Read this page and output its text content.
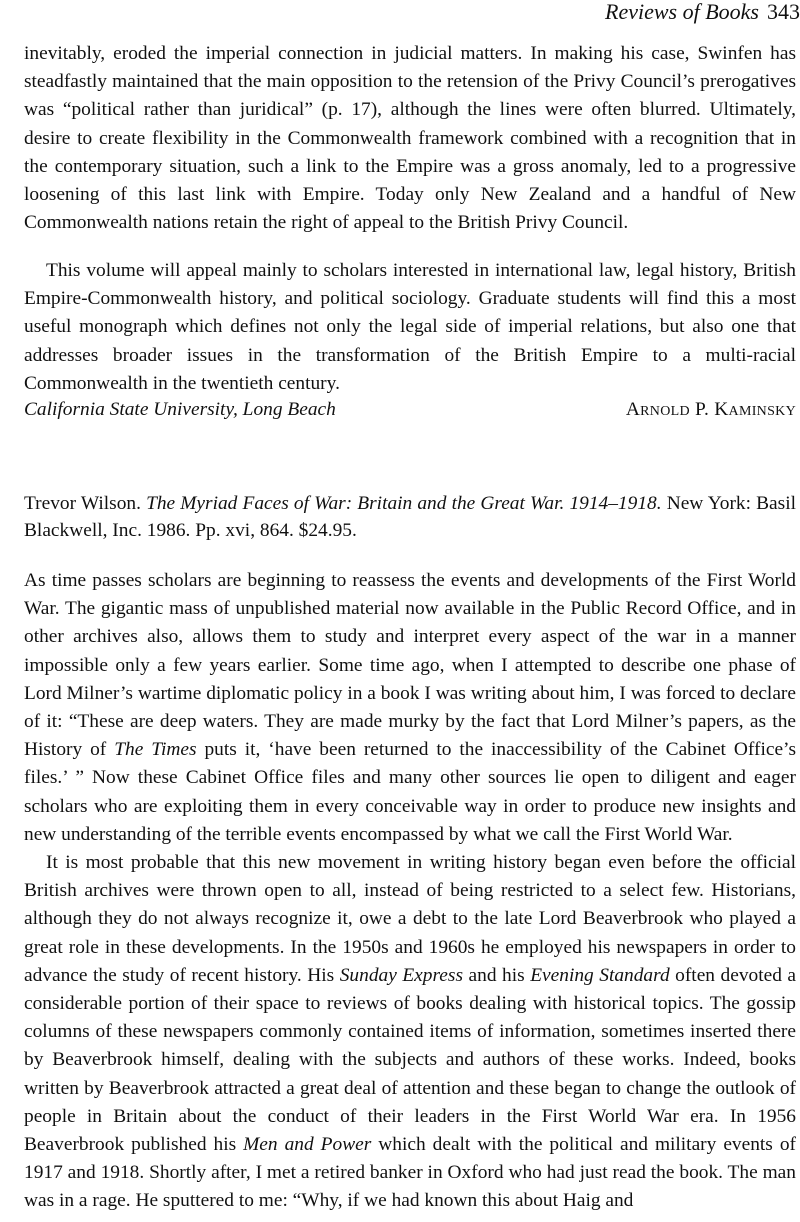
Reviews of Books 343

inevitably, eroded the imperial connection in judicial matters. In making his case, Swinfen has steadfastly maintained that the main opposition to the retension of the Privy Council’s prerogatives was “political rather than juridical” (p. 17), although the lines were often blurred. Ultimately, desire to create flexibility in the Commonwealth framework combined with a recognition that in the contemporary situation, such a link to the Empire was a gross anomaly, led to a progressive loosening of this last link with Empire. Today only New Zealand and a handful of New Commonwealth nations retain the right of appeal to the British Privy Council.

This volume will appeal mainly to scholars interested in international law, legal history, British Empire-Commonwealth history, and political sociology. Graduate students will find this a most useful monograph which defines not only the legal side of imperial relations, but also one that addresses broader issues in the transformation of the British Empire to a multi-racial Commonwealth in the twentieth century.

California State University, Long Beach	Arnold P. Kaminsky
Trevor Wilson. The Myriad Faces of War: Britain and the Great War. 1914–1918. New York: Basil Blackwell, Inc. 1986. Pp. xvi, 864. $24.95.

As time passes scholars are beginning to reassess the events and developments of the First World War. The gigantic mass of unpublished material now available in the Public Record Office, and in other archives also, allows them to study and interpret every aspect of the war in a manner impossible only a few years earlier. Some time ago, when I attempted to describe one phase of Lord Milner’s wartime diplomatic policy in a book I was writing about him, I was forced to declare of it: “These are deep waters. They are made murky by the fact that Lord Milner’s papers, as the History of The Times puts it, ‘have been returned to the inaccessibility of the Cabinet Office’s files.’ ” Now these Cabinet Office files and many other sources lie open to diligent and eager scholars who are exploiting them in every conceivable way in order to produce new insights and new understanding of the terrible events encompassed by what we call the First World War.

It is most probable that this new movement in writing history began even before the official British archives were thrown open to all, instead of being restricted to a select few. Historians, although they do not always recognize it, owe a debt to the late Lord Beaverbrook who played a great role in these developments. In the 1950s and 1960s he employed his newspapers in order to advance the study of recent history. His Sunday Express and his Evening Standard often devoted a considerable portion of their space to reviews of books dealing with historical topics. The gossip columns of these newspapers commonly contained items of information, sometimes inserted there by Beaverbrook himself, dealing with the subjects and authors of these works. Indeed, books written by Beaverbrook attracted a great deal of attention and these began to change the outlook of people in Britain about the conduct of their leaders in the First World War era. In 1956 Beaverbrook published his Men and Power which dealt with the political and military events of 1917 and 1918. Shortly after, I met a retired banker in Oxford who had just read the book. The man was in a rage. He sputtered to me: “Why, if we had known this about Haig and
